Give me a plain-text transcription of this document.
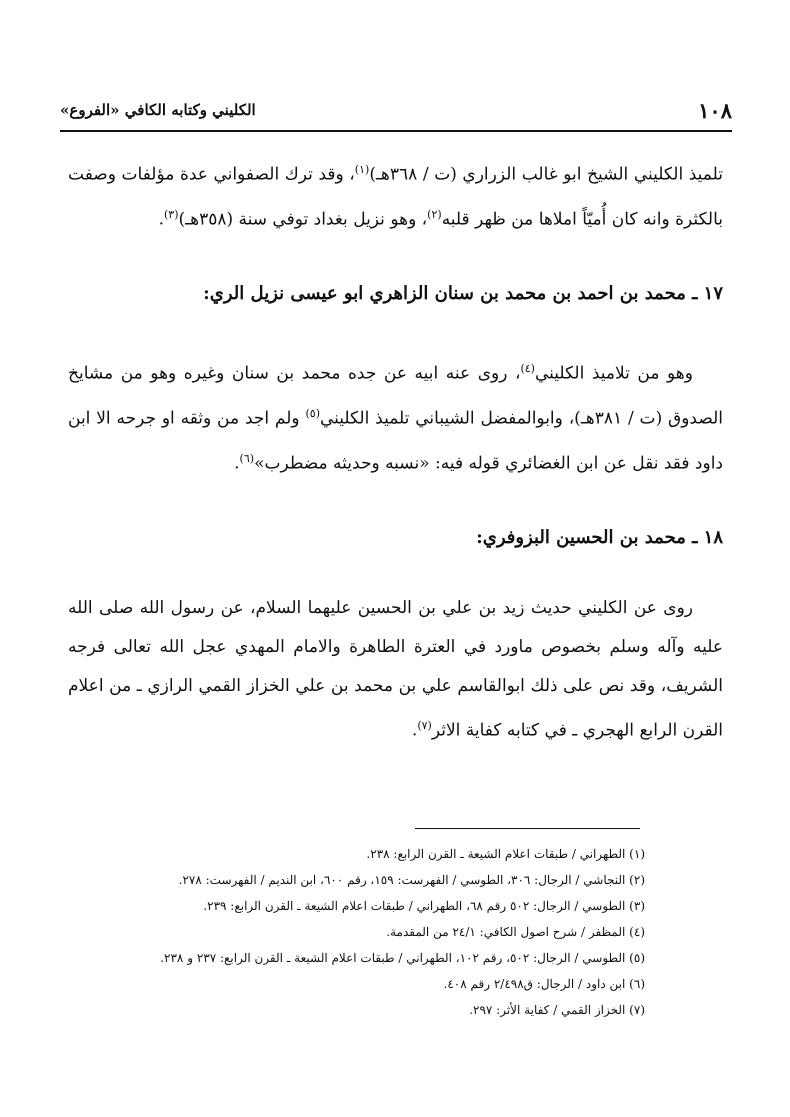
١٠٨
الكليني وكتابه الكافي «الفروع»

تلميذ الكليني الشيخ ابو غالب الزراري (ت / ٣٦٨هـ)$^{(١)}$، وقد ترك الصفواني عدة مؤلفات وصفت بالكثرة وانه كان أُميّاً املاها من ظهر قلبه$^{(٢)}$، وهو نزيل بغداد توفي سنة (٣٥٨هـ)$^{(٣)}$.

١٧ ـ محمد بن احمد بن محمد بن سنان الزاهري ابو عيسى نزيل الري:

وهو من تلاميذ الكليني$^{(٤)}$، روى عنه ابيه عن جده محمد بن سنان وغيره وهو من مشايخ الصدوق (ت / ٣٨١هـ)، وابوالمفضل الشيباني تلميذ الكليني$^{(٥)}$ ولم اجد من وثقه او جرحه الا ابن داود فقد نقل عن ابن الغضائري قوله فيه: «نسبه وحديثه مضطرب»$^{(٦)}$.

١٨ ـ محمد بن الحسين البزوفري:

روى عن الكليني حديث زيد بن علي بن الحسين عليهما السلام، عن رسول الله صلى الله عليه وآله وسلم بخصوص ماورد في العترة الطاهرة والامام المهدي عجل الله تعالى فرجه الشريف، وقد نص على ذلك ابوالقاسم علي بن محمد بن علي الخزاز القمي الرازي ـ من اعلام القرن الرابع الهجري ـ في كتابه كفاية الاثر$^{(٧)}$.

(١) الطهراني / طبقات اعلام الشيعة ـ القرن الرابع: ٢٣٨.
(٢) النجاشي / الرجال: ٣٠٦، الطوسي / الفهرست: ١٥٩، رقم ٦٠٠، ابن النديم / الفهرست: ٢٧٨.
(٣) الطوسي / الرجال: ٥٠٢ رقم ٦٨، الطهراني / طبقات اعلام الشيعة ـ القرن الرابع: ٢٣٩.
(٤) المظفر / شرح اصول الكافي: ٢٤/١ من المقدمة.
(٥) الطوسي / الرجال: ٥٠٢، رقم ١٠٢، الطهراني / طبقات اعلام الشيعة ـ القرن الرابع: ٢٣٧ و ٢٣٨.
(٦) ابن داود / الرجال: ق٢/٤٩٨ رقم ٤٠٨.
(٧) الخزاز القمي / كفاية الأثر: ٢٩٧.
